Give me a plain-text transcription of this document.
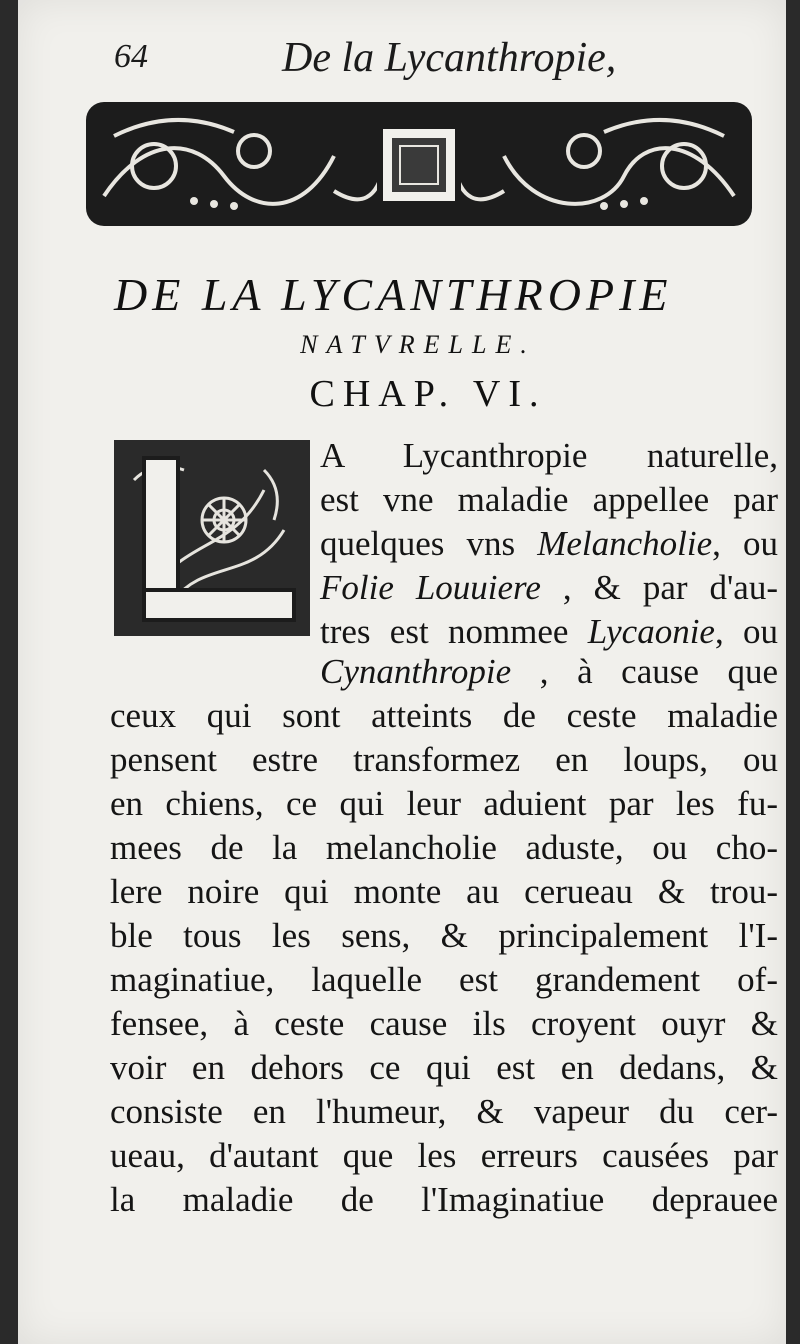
64	De la Lycanthropie,
DE LA LYCANTHROPIE
NATVRELLE.
CHAP. VI.
A Lycanthropie naturelle,
est vne maladie appellee par
quelques vns Melancholie, ou
Folie Louuiere , & par d'au-
tres est nommee Lycaonie, ou
Cynanthropie , à cause que
ceux qui sont atteints de ceste maladie
pensent estre transformez en loups, ou
en chiens, ce qui leur aduient par les fu-
mees de la melancholie aduste, ou cho-
lere noire qui monte au cerueau & trou-
ble tous les sens, & principalement l'I-
maginatiue, laquelle est grandement of-
fensee, à ceste cause ils croyent ouyr &
voir en dehors ce qui est en dedans, &
consiste en l'humeur, & vapeur du cer-
ueau, d'autant que les erreurs causées par
la maladie de l'Imaginatiue deprauee
